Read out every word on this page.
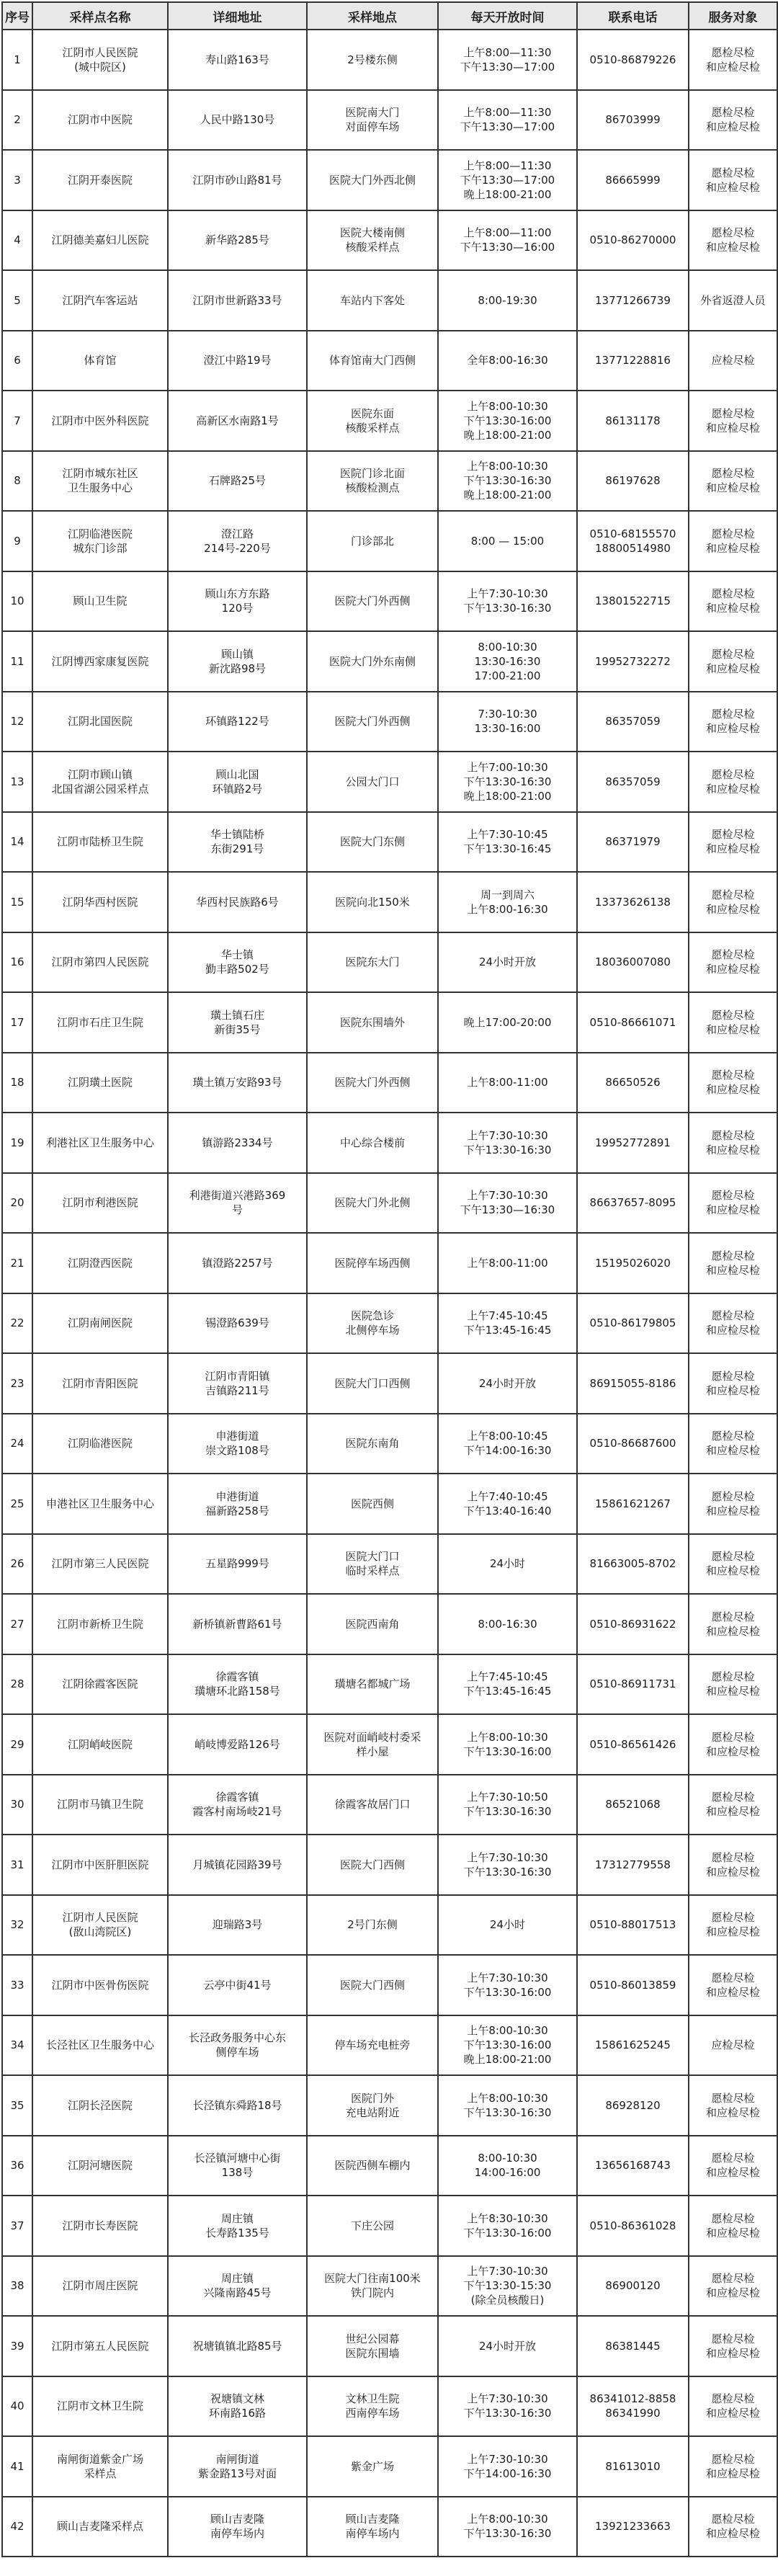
序号	采样点名称	详细地址	采样地点	每天开放时间	联系电话	服务对象
1	江阴市人民医院
(城中院区)	寿山路163号	2号楼东侧	上午8:00—11:30
下午13:30—17:00	0510-86879226	愿检尽检
和应检尽检
2	江阴市中医院	人民中路130号	医院南大门
对面停车场	上午8:00—11:30
下午13:30—17:00	86703999	愿检尽检
和应检尽检
3	江阴开泰医院	江阴市砂山路81号	医院大门外西北侧	上午8:00—11:30
下午13:30—17:00
晚上18:00-21:00	86665999	愿检尽检
和应检尽检
4	江阴德美嘉妇儿医院	新华路285号	医院大楼南侧
核酸采样点	上午8:00—11:00
下午13:30—16:00	0510-86270000	愿检尽检
和应检尽检
5	江阴汽车客运站	江阴市世新路33号	车站内下客处	8:00-19:30	13771266739	外省返澄人员
6	体育馆	澄江中路19号	体育馆南大门西侧	全年8:00-16:30	13771228816	应检尽检
7	江阴市中医外科医院	高新区水南路1号	医院东面
核酸采样点	上午8:00-10:30
下午13:30-16:00
晚上18:00-21:00	86131178	愿检尽检
和应检尽检
8	江阴市城东社区
卫生服务中心	石牌路25号	医院门诊北面
核酸检测点	上午8:00-10:30
下午13:30-16:30
晚上18:00-21:00	86197628	愿检尽检
和应检尽检
9	江阴临港医院
城东门诊部	澄江路
214号-220号	门诊部北	8:00 — 15:00	0510-68155570
18800514980	愿检尽检
和应检尽检
10	顾山卫生院	顾山东方东路
120号	医院大门外西侧	上午7:30-10:30
下午13:30-16:30	13801522715	愿检尽检
和应检尽检
11	江阴博西家康复医院	顾山镇
新沈路98号	医院大门外东南侧	8:00-10:30
13:30-16:30
17:00-21:00	19952732272	愿检尽检
和应检尽检
12	江阴北国医院	环镇路122号	医院大门外西侧	7:30-10:30
13:30-16:00	86357059	愿检尽检
和应检尽检
13	江阴市顾山镇
北国省湖公园采样点	顾山北国
环镇路2号	公园大门口	上午7:00-10:30
下午13:30-16:30
晚上18:00-21:00	86357059	愿检尽检
和应检尽检
14	江阴市陆桥卫生院	华士镇陆桥
东街291号	医院大门东侧	上午7:30-10:45
下午13:30-16:45	86371979	愿检尽检
和应检尽检
15	江阴华西村医院	华西村民族路6号	医院向北150米	周一到周六
上午8:00-16:30	13373626138	愿检尽检
和应检尽检
16	江阴市第四人民医院	华士镇
勤丰路502号	医院东大门	24小时开放	18036007080	愿检尽检
和应检尽检
17	江阴市石庄卫生院	璜土镇石庄
新街35号	医院东围墙外	晚上17:00-20:00	0510-86661071	愿检尽检
和应检尽检
18	江阴璜土医院	璜土镇万安路93号	医院大门外西侧	上午8:00-11:00	86650526	愿检尽检
和应检尽检
19	利港社区卫生服务中心	镇游路2334号	中心综合楼前	上午7:30-10:30
下午13:30-16:30	19952772891	愿检尽检
和应检尽检
20	江阴市利港医院	利港街道兴港路369
号	医院大门外北侧	上午7:30-10:30
下午13:30—16:30	86637657-8095	愿检尽检
和应检尽检
21	江阴澄西医院	镇澄路2257号	医院停车场西侧	上午8:00-11:00	15195026020	愿检尽检
和应检尽检
22	江阴南闸医院	锡澄路639号	医院急诊
北侧停车场	上午7:45-10:45
下午13:45-16:45	0510-86179805	愿检尽检
和应检尽检
23	江阴市青阳医院	江阴市青阳镇
吉镇路211号	医院大门口西侧	24小时开放	86915055-8186	愿检尽检
和应检尽检
24	江阴临港医院	申港街道
崇文路108号	医院东南角	上午8:00-10:45
下午14:00-16:30	0510-86687600	愿检尽检
和应检尽检
25	申港社区卫生服务中心	申港街道
福新路258号	医院西侧	上午7:40-10:45
下午13:40-16:40	15861621267	愿检尽检
和应检尽检
26	江阴市第三人民医院	五星路999号	医院大门口
临时采样点	24小时	81663005-8702	愿检尽检
和应检尽检
27	江阴市新桥卫生院	新桥镇新曹路61号	医院西南角	8:00-16:30	0510-86931622	愿检尽检
和应检尽检
28	江阴徐霞客医院	徐霞客镇
璜塘环北路158号	璜塘名都城广场	上午7:45-10:45
下午13:45-16:45	0510-86911731	愿检尽检
和应检尽检
29	江阴峭岐医院	峭岐博爱路126号	医院对面峭岐村委采
样小屋	上午8:00-10:30
下午13:30-16:00	0510-86561426	愿检尽检
和应检尽检
30	江阴市马镇卫生院	徐霞客镇
霞客村南场岐21号	徐霞客故居门口	上午7:30-10:50
下午13:30-16:30	86521068	愿检尽检
和应检尽检
31	江阴市中医肝胆医院	月城镇花园路39号	医院大门西侧	上午7:30-10:30
下午13:30-16:30	17312779558	愿检尽检
和应检尽检
32	江阴市人民医院
(敔山湾院区)	迎瑞路3号	2号门东侧	24小时	0510-88017513	愿检尽检
和应检尽检
33	江阴市中医骨伤医院	云亭中街41号	医院大门西侧	上午7:30-10:30
下午13:30-16:00	0510-86013859	愿检尽检
和应检尽检
34	长泾社区卫生服务中心	长泾政务服务中心东
侧停车场	停车场充电桩旁	上午8:00-10:30
下午13:30-16:00
晚上18:00-21:00	15861625245	应检尽检
35	江阴长泾医院	长泾镇东舜路18号	医院门外
充电站附近	上午8:00-10:30
下午13:30-16:30	86928120	愿检尽检
和应检尽检
36	江阴河塘医院	长泾镇河塘中心街
138号	医院西侧车棚内	8:00-10:30
14:00-16:00	13656168743	愿检尽检
和应检尽检
37	江阴市长寿医院	周庄镇
长寿路135号	下庄公园	上午8:30-10:30
下午13:30-16:00	0510-86361028	愿检尽检
和应检尽检
38	江阴市周庄医院	周庄镇
兴隆南路45号	医院大门往南100米
铁门院内	上午7:30-10:30
下午13:30-15:30
(除全员核酸日)	86900120	愿检尽检
和应检尽检
39	江阴市第五人民医院	祝塘镇镇北路85号	世纪公园幕
医院东围墙	24小时开放	86381445	愿检尽检
和应检尽检
40	江阴市文林卫生院	祝塘镇文林
环南路16路	文林卫生院
西南停车场	上午7:30-10:30
下午13:30-16:30	86341012-8858
86341990	愿检尽检
和应检尽检
41	南闸街道紫金广场
采样点	南闸街道
紫金路13号对面	紫金广场	上午7:30-10:30
下午14:00-16:30	81613010	愿检尽检
和应检尽检
42	顾山吉麦隆采样点	顾山吉麦隆
南停车场内	顾山吉麦隆
南停车场内	上午8:00-10:30
下午13:30-16:30	13921233663	愿检尽检
和应检尽检
